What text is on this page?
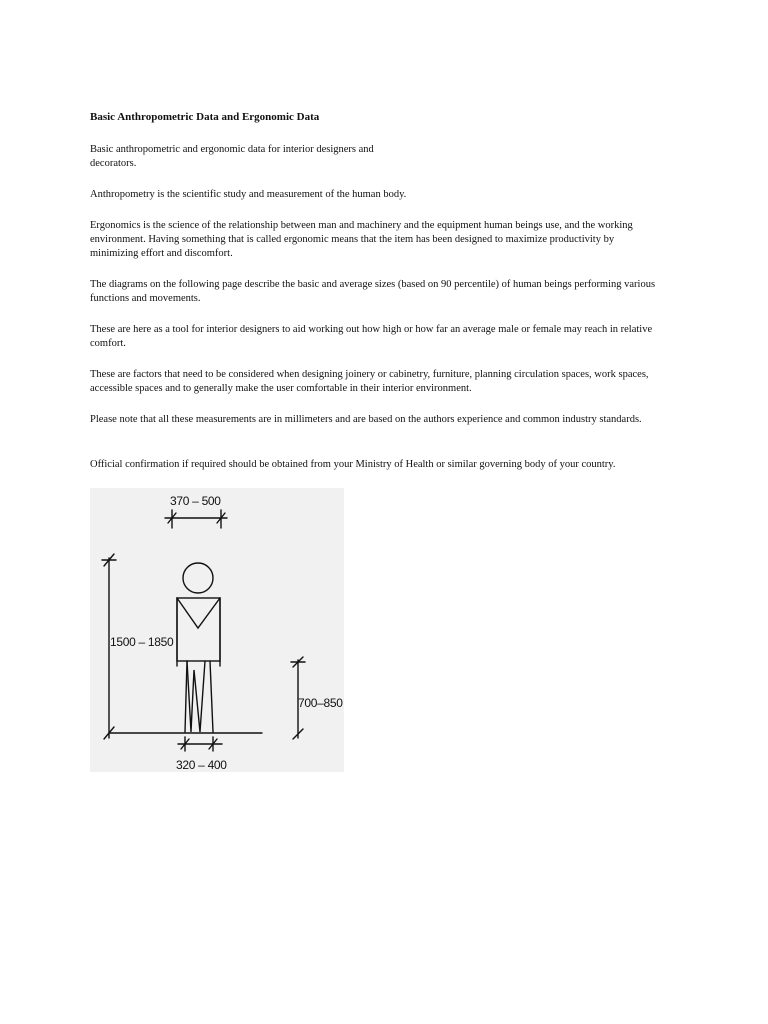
Basic Anthropometric Data and Ergonomic Data

Basic anthropometric and ergonomic data for interior designers and decorators.

Anthropometry is the scientific study and measurement of the human body.

Ergonomics is the science of the relationship between man and machinery and the equipment human beings use, and the working environment. Having something that is called ergonomic means that the item has been designed to maximize productivity by minimizing effort and discomfort.

The diagrams on the following page describe the basic and average sizes (based on 90 percentile) of human beings performing various functions and movements.

These are here as a tool for interior designers to aid working out how high or how far an average male or female may reach in relative comfort.

These are factors that need to be considered when designing joinery or cabinetry, furniture, planning circulation spaces, work spaces, accessible spaces and to generally make the user comfortable in their interior environment.

Please note that all these measurements are in millimeters and are based on the authors experience and common industry standards.

Official confirmation if required should be obtained from your Ministry of Health or similar governing body of your country.

370 – 500
1500 – 1850
700–850
320 – 400
